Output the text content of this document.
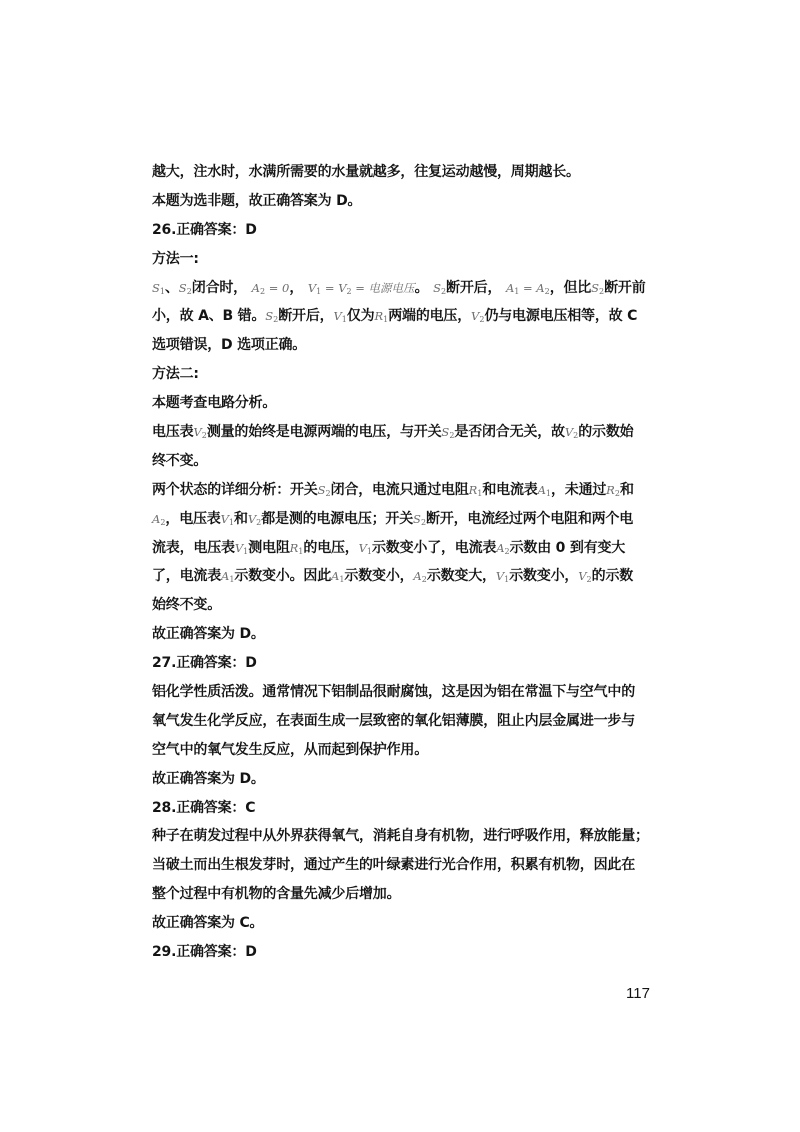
越大，注水时，水满所需要的水量就越多，往复运动越慢，周期越长。
本题为选非题，故正确答案为 D。
26.正确答案：D
方法一:
$S_1$、$S_2$闭合时， $A_2 = 0$， $V_1 = V_2$ = 电源电压。 $S_2$断开后， $A_1 = A_2$，但比$S_2$断开前
小，故 A、B 错。$S_2$断开后，$V_1$仅为$R_1$两端的电压，$V_2$仍与电源电压相等，故 C
选项错误，D 选项正确。
方法二:
本题考查电路分析。
电压表$V_2$测量的始终是电源两端的电压，与开关$S_2$是否闭合无关，故$V_2$的示数始
终不变。
两个状态的详细分析：开关$S_2$闭合，电流只通过电阻$R_1$和电流表$A_1$，未通过$R_2$和
$A_2$，电压表$V_1$和$V_2$都是测的电源电压；开关$S_2$断开，电流经过两个电阻和两个电
流表，电压表$V_1$测电阻$R_1$的电压，$V_1$示数变小了，电流表$A_2$示数由 0 到有变大
了，电流表$A_1$示数变小。因此$A_1$示数变小，$A_2$示数变大，$V_1$示数变小，$V_2$的示数
始终不变。
故正确答案为 D。
27.正确答案：D
铝化学性质活泼。通常情况下铝制品很耐腐蚀，这是因为铝在常温下与空气中的
氧气发生化学反应，在表面生成一层致密的氧化铝薄膜，阻止内层金属进一步与
空气中的氧气发生反应，从而起到保护作用。
故正确答案为 D。
28.正确答案：C
种子在萌发过程中从外界获得氧气，消耗自身有机物，进行呼吸作用，释放能量；
当破土而出生根发芽时，通过产生的叶绿素进行光合作用，积累有机物，因此在
整个过程中有机物的含量先减少后增加。
故正确答案为 C。
29.正确答案：D
117
